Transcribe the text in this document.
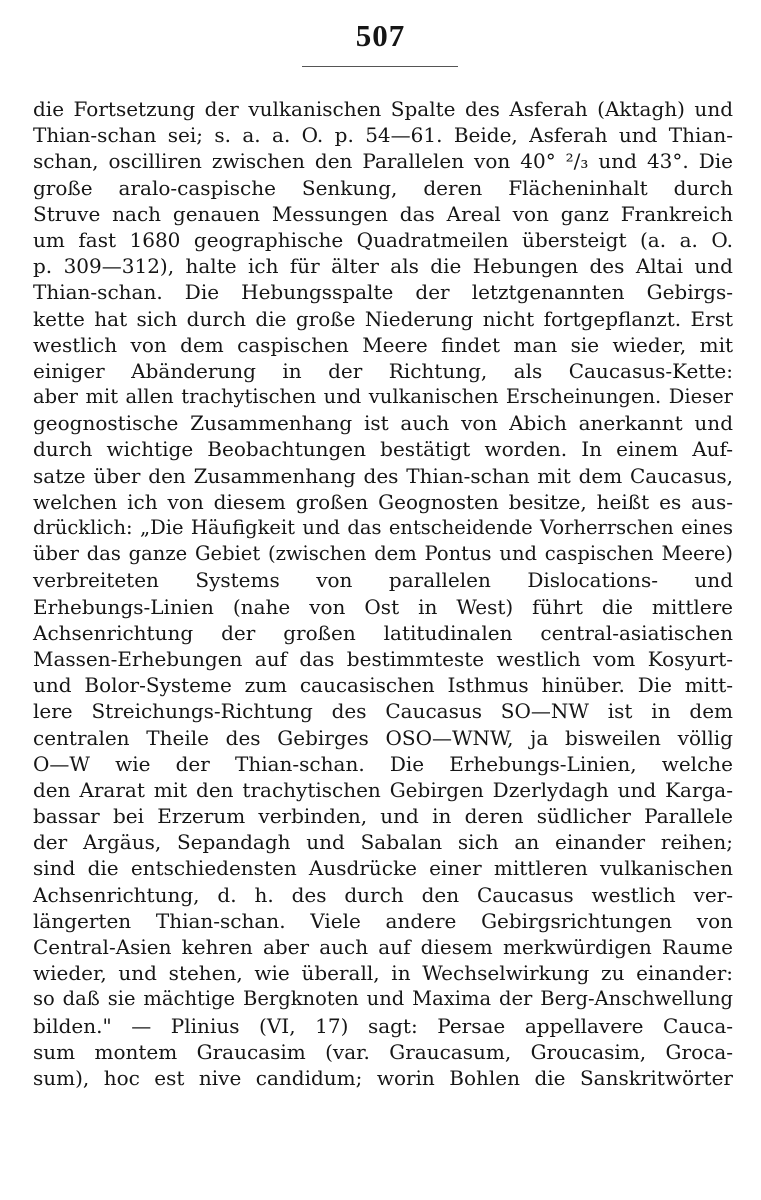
507
die Fortsetzung der vulkanischen Spalte des Asferah (Aktagh) und
Thian-schan sei; s. a. a. O. p. 54—61. Beide, Asferah und Thian-
schan, oscilliren zwischen den Parallelen von 40° ²/₃ und 43°. Die
große aralo-caspische Senkung, deren Flächeninhalt durch
Struve nach genauen Messungen das Areal von ganz Frankreich
um fast 1680 geographische Quadratmeilen übersteigt (a. a. O.
p. 309—312), halte ich für älter als die Hebungen des Altai und
Thian-schan. Die Hebungsspalte der letztgenannten Gebirgs-
kette hat sich durch die große Niederung nicht fortgepflanzt. Erst
westlich von dem caspischen Meere findet man sie wieder, mit
einiger Abänderung in der Richtung, als Caucasus-Kette:
aber mit allen trachytischen und vulkanischen Erscheinungen. Dieser
geognostische Zusammenhang ist auch von Abich anerkannt und
durch wichtige Beobachtungen bestätigt worden. In einem Auf-
satze über den Zusammenhang des Thian-schan mit dem Caucasus,
welchen ich von diesem großen Geognosten besitze, heißt es aus-
drücklich: „Die Häufigkeit und das entscheidende Vorherrschen eines
über das ganze Gebiet (zwischen dem Pontus und caspischen Meere)
verbreiteten Systems von parallelen Dislocations- und
Erhebungs-Linien (nahe von Ost in West) führt die mittlere
Achsenrichtung der großen latitudinalen central-asiatischen
Massen-Erhebungen auf das bestimmteste westlich vom Kosyurt-
und Bolor-Systeme zum caucasischen Isthmus hinüber. Die mitt-
lere Streichungs-Richtung des Caucasus SO—NW ist in dem
centralen Theile des Gebirges OSO—WNW, ja bisweilen völlig
O—W wie der Thian-schan. Die Erhebungs-Linien, welche
den Ararat mit den trachytischen Gebirgen Dzerlydagh und Karga-
bassar bei Erzerum verbinden, und in deren südlicher Parallele
der Argäus, Sepandagh und Sabalan sich an einander reihen;
sind die entschiedensten Ausdrücke einer mittleren vulkanischen
Achsenrichtung, d. h. des durch den Caucasus westlich ver-
längerten Thian-schan. Viele andere Gebirgsrichtungen von
Central-Asien kehren aber auch auf diesem merkwürdigen Raume
wieder, und stehen, wie überall, in Wechselwirkung zu einander:
so daß sie mächtige Bergknoten und Maxima der Berg-Anschwellung
bilden." — Plinius (VI, 17) sagt: Persae appellavere Cauca-
sum montem Graucasim (var. Graucasum, Groucasim, Groca-
sum), hoc est nive candidum; worin Bohlen die Sanskritwörter
